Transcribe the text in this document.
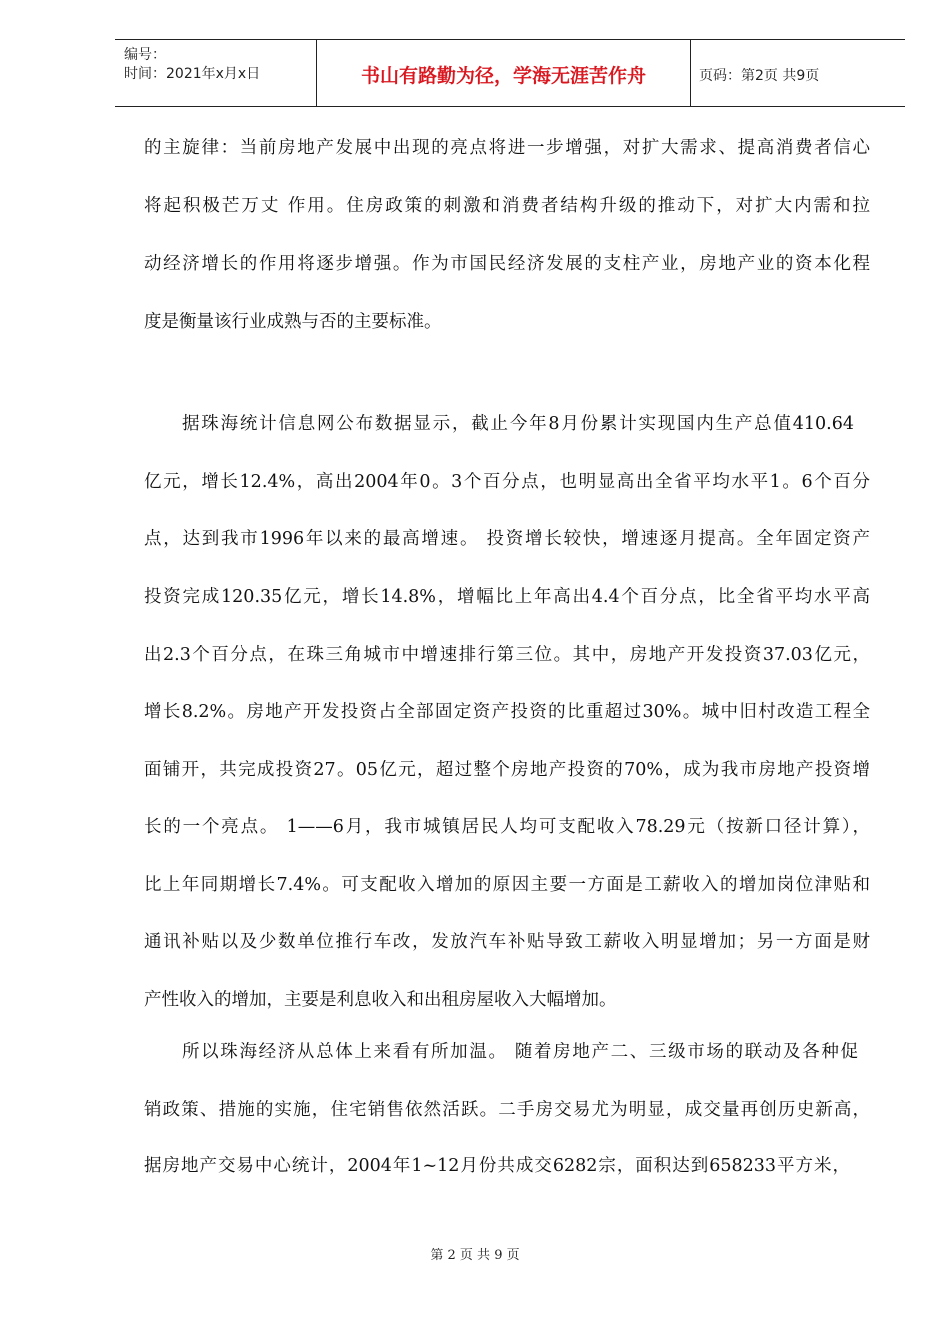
编号：
时间：2021年x月x日	书山有路勤为径，学海无涯苦作舟	页码：第2页 共9页
的主旋律：当前房地产发展中出现的亮点将进一步增强，对扩大需求、提高消费者信心
将起积极芒万丈 作用。住房政策的刺激和消费者结构升级的推动下，对扩大内需和拉
动经济增长的作用将逐步增强。作为市国民经济发展的支柱产业，房地产业的资本化程
度是衡量该行业成熟与否的主要标准。
据珠海统计信息网公布数据显示，截止今年8月份累计实现国内生产总值410.64
亿元，增长12.4%，高出2004年0。3个百分点，也明显高出全省平均水平1。6个百分
点，达到我市1996年以来的最高增速。 投资增长较快，增速逐月提高。全年固定资产
投资完成120.35亿元，增长14.8%，增幅比上年高出4.4个百分点，比全省平均水平高
出2.3个百分点，在珠三角城市中增速排行第三位。其中，房地产开发投资37.03亿元，
增长8.2%。房地产开发投资占全部固定资产投资的比重超过30%。城中旧村改造工程全
面铺开，共完成投资27。05亿元，超过整个房地产投资的70%，成为我市房地产投资增
长的一个亮点。 1——6月，我市城镇居民人均可支配收入78.29元（按新口径计算），
比上年同期增长7.4%。可支配收入增加的原因主要一方面是工薪收入的增加岗位津贴和
通讯补贴以及少数单位推行车改，发放汽车补贴导致工薪收入明显增加；另一方面是财
产性收入的增加，主要是利息收入和出租房屋收入大幅增加。
所以珠海经济从总体上来看有所加温。 随着房地产二、三级市场的联动及各种促
销政策、措施的实施，住宅销售依然活跃。二手房交易尤为明显，成交量再创历史新高，
据房地产交易中心统计，2004年1~12月份共成交6282宗，面积达到658233平方米，
第 2 页 共 9 页
